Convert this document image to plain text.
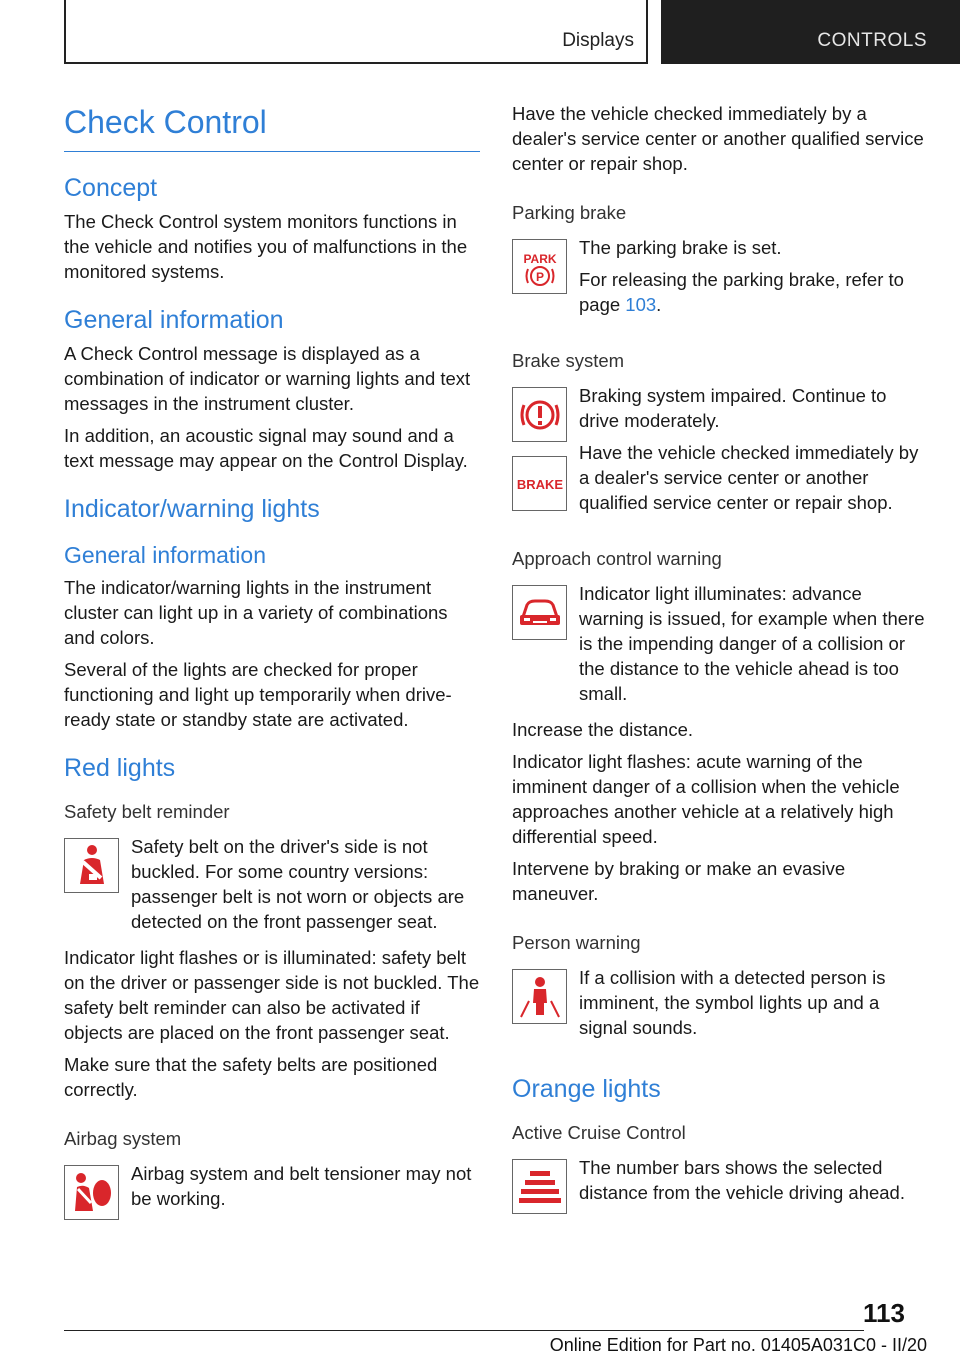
Displays	CONTROLS
Check Control
Concept

The Check Control system monitors functions in the vehicle and notifies you of malfunctions in the monitored systems.

General information

A Check Control message is displayed as a combination of indicator or warning lights and text messages in the instrument cluster.

In addition, an acoustic signal may sound and a text message may appear on the Control Display.

Indicator/warning lights
General information

The indicator/warning lights in the instrument cluster can light up in a variety of combinations and colors.

Several of the lights are checked for proper functioning and light up temporarily when drive-ready state or standby state are activated.

Red lights
Safety belt reminder

Safety belt on the driver's side is not buckled. For some country versions: passenger belt is not worn or objects are detected on the front passenger seat.

Indicator light flashes or is illuminated: safety belt on the driver or passenger side is not buckled. The safety belt reminder can also be activated if objects are placed on the front passenger seat.

Make sure that the safety belts are positioned correctly.

Airbag system

Airbag system and belt tensioner may not be working.

Have the vehicle checked immediately by a dealer's service center or another qualified service center or repair shop.

Parking brake
PARK
P

The parking brake is set.

For releasing the parking brake, refer to page 103.

Brake system
BRAKE

Braking system impaired. Continue to drive moderately.

Have the vehicle checked immediately by a dealer's service center or another qualified service center or repair shop.

Approach control warning

Indicator light illuminates: advance warning is issued, for example when there is the impending danger of a collision or the distance to the vehicle ahead is too small.

Increase the distance.

Indicator light flashes: acute warning of the imminent danger of a collision when the vehicle approaches another vehicle at a relatively high differential speed.

Intervene by braking or make an evasive maneuver.

Person warning

If a collision with a detected person is imminent, the symbol lights up and a signal sounds.

Orange lights
Active Cruise Control

The number bars shows the selected distance from the vehicle driving ahead.

113
Online Edition for Part no. 01405A031C0 - II/20
